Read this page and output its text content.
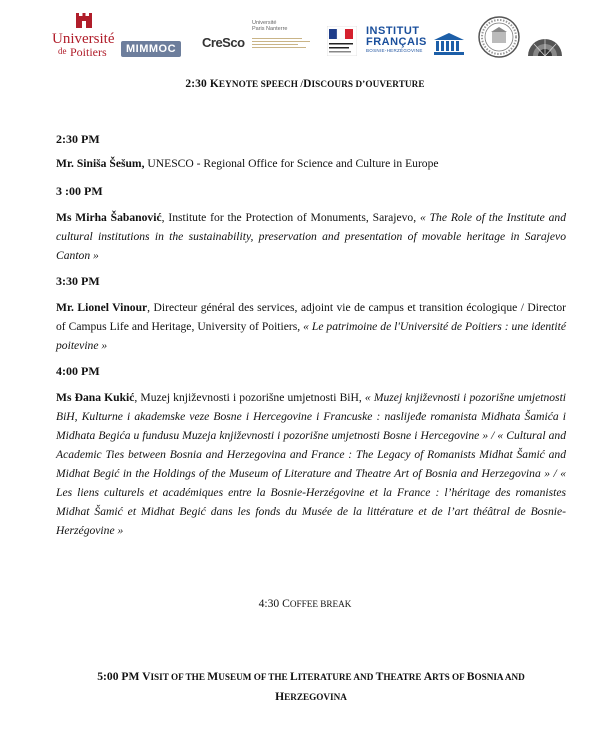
Université
de Poitiers	MIMMOC	CreSco
Université
Paris Nanterre	INSTITUT
FRANÇAIS
BOSNIE-HERZÉGOVINE
2:30 KEYNOTE SPEECH /DISCOURS D’OUVERTURE
2:30 PM
Mr. Siniša Šešum, UNESCO - Regional Office for Science and Culture in Europe
3 :00 PM
Ms Mirha Šabanović, Institute for the Protection of Monuments, Sarajevo, « The Role of the Institute and cultural institutions in the sustainability, preservation and presentation of movable heritage in Sarajevo Canton »
3:30 PM
Mr. Lionel Vinour, Directeur général des services, adjoint vie de campus et transition écologique / Director of Campus Life and Heritage, University of Poitiers, « Le patrimoine de l'Université de Poitiers : une identité poitevine »
4:00 PM
Ms Đana Kukić, Muzej književnosti i pozorišne umjetnosti BiH, « Muzej književnosti i pozorišne umjetnosti BiH, Kulturne i akademske veze Bosne i Hercegovine i Francuske : naslijeđe romanista Midhata Šamića i Midhata Begića u fundusu Muzeja književnosti i pozorišne umjetnosti Bosne i Hercegovine » / « Cultural and Academic Ties between Bosnia and Herzegovina and France : The Legacy of Romanists Midhat Šamić and Midhat Begić in the Holdings of the Museum of Literature and Theatre Art of Bosnia and Herzegovina » / « Les liens culturels et académiques entre la Bosnie-Herzégovine et la France : l’héritage des romanistes Midhat Šamić et Midhat Begić dans les fonds du Musée de la littérature et de l’art théâtral de Bosnie-Herzégovine »
4:30 COFFEE BREAK
5:00 PM VISIT OF THE MUSEUM OF THE LITERATURE AND THEATRE ARTS OF BOSNIA AND
HERZEGOVINA
